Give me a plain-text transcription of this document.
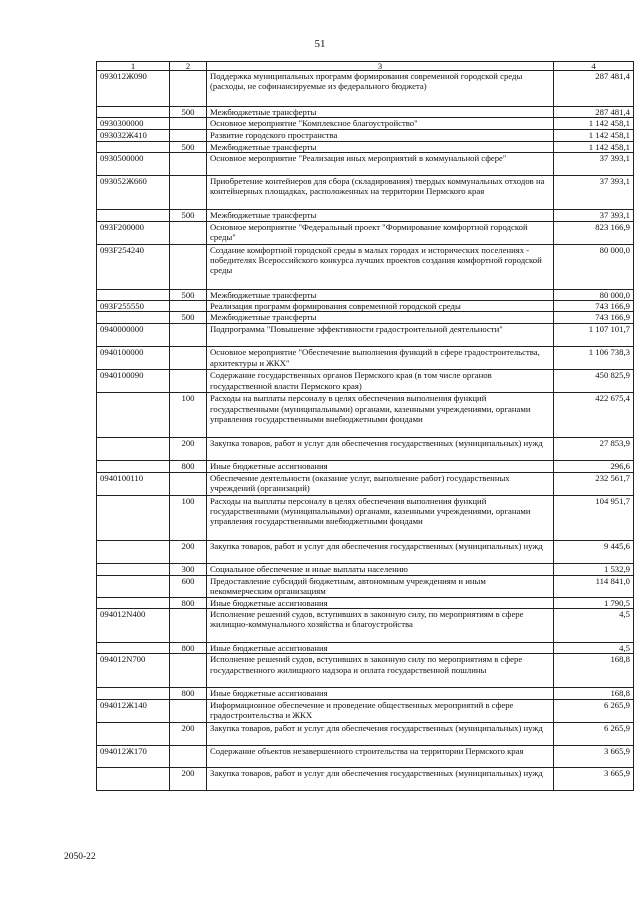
51
1	2	3	4
093012Ж090		Поддержка муниципальных программ формирования современной городской среды (расходы, не софинансируемые из федерального бюджета)	287 481,4
	500	Межбюджетные трансферты	287 481,4
0930300000		Основное мероприятие "Комплексное благоустройство"	1 142 458,1
093032Ж410		Развитие городского пространства	1 142 458,1
	500	Межбюджетные трансферты	1 142 458,1
0930500000		Основное мероприятие "Реализация иных мероприятий в коммунальной сфере"	37 393,1
093052Ж660		Приобретение контейнеров для сбора (складирования) твердых коммунальных отходов на контейнерных площадках, расположенных на территории Пермского края	37 393,1
	500	Межбюджетные трансферты	37 393,1
093F200000		Основное мероприятие "Федеральный проект "Формирование комфортной городской среды"	823 166,9
093F254240		Создание комфортной городской среды в малых городах и исторических поселениях - победителях Всероссийского конкурса лучших проектов создания комфортной городской среды	80 000,0
	500	Межбюджетные трансферты	80 000,0
093F255550		Реализация программ формирования современной городской среды	743 166,9
	500	Межбюджетные трансферты	743 166,9
0940000000		Подпрограмма "Повышение эффективности градостроительной деятельности"	1 107 101,7
0940100000		Основное мероприятие "Обеспечение выполнения функций в сфере градостроительства, архитектуры и ЖКХ"	1 106 738,3
0940100090		Содержание государственных органов Пермского края (в том числе органов государственной власти Пермского края)	450 825,9
	100	Расходы на выплаты персоналу в целях обеспечения выполнения функций государственными (муниципальными) органами, казенными учреждениями, органами управления государственными внебюджетными фондами	422 675,4
	200	Закупка товаров, работ и услуг для обеспечения государственных (муниципальных) нужд	27 853,9
	800	Иные бюджетные ассигнования	296,6
0940100110		Обеспечение деятельности (оказание услуг, выполнение работ) государственных учреждений (организаций)	232 561,7
	100	Расходы на выплаты персоналу в целях обеспечения выполнения функций государственными (муниципальными) органами, казенными учреждениями, органами управления государственными внебюджетными фондами	104 951,7
	200	Закупка товаров, работ и услуг для обеспечения государственных (муниципальных) нужд	9 445,6
	300	Социальное обеспечение и иные выплаты населению	1 532,9
	600	Предоставление субсидий бюджетным, автономным учреждениям и иным некоммерческим организациям	114 841,0
	800	Иные бюджетные ассигнования	1 790,5
094012N400		Исполнение решений судов, вступивших в законную силу, по мероприятиям в сфере жилищно-коммунального хозяйства и благоустройства	4,5
	800	Иные бюджетные ассигнования	4,5
094012N700		Исполнение решений судов, вступивших в законную силу по мероприятиям в сфере государственного жилищного надзора и оплата государственной пошлины	168,8
	800	Иные бюджетные ассигнования	168,8
094012Ж140		Информационное обеспечение и проведение общественных мероприятий в сфере градостроительства и ЖКХ	6 265,9
	200	Закупка товаров, работ и услуг для обеспечения государственных (муниципальных) нужд	6 265,9
094012Ж170		Содержание объектов незавершенного строительства на территории Пермского края	3 665,9
	200	Закупка товаров, работ и услуг для обеспечения государственных (муниципальных) нужд	3 665,9
2050-22
